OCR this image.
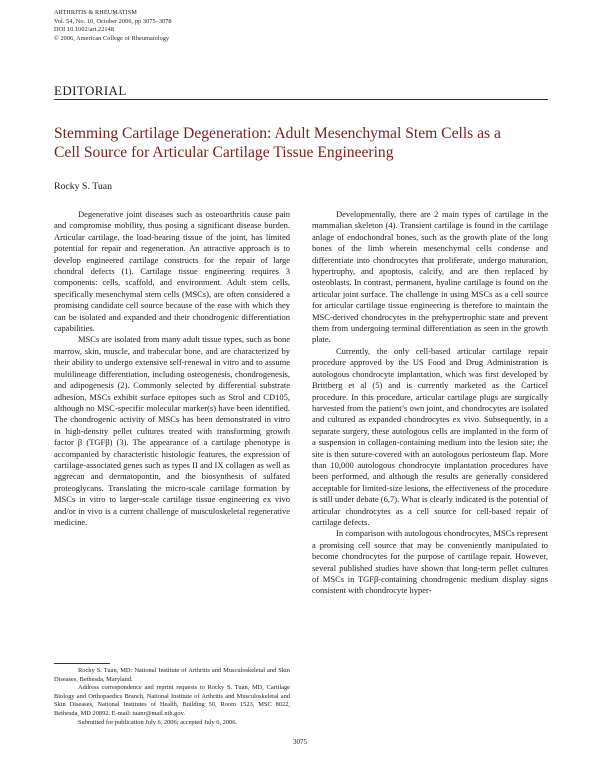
ARTHRITIS & RHEUMATISM
Vol. 54, No. 10, October 2006, pp 3075–3078
DOI 10.1002/art.22148
© 2006, American College of Rheumatology
EDITORIAL
Stemming Cartilage Degeneration: Adult Mesenchymal Stem Cells as a Cell Source for Articular Cartilage Tissue Engineering
Rocky S. Tuan

Degenerative joint diseases such as osteoarthritis cause pain and compromise mobility, thus posing a significant disease burden. Articular cartilage, the load-bearing tissue of the joint, has limited potential for repair and regeneration. An attractive approach is to develop engineered cartilage constructs for the repair of large chondral defects (1). Cartilage tissue engineering requires 3 components: cells, scaffold, and environment. Adult stem cells, specifically mesenchymal stem cells (MSCs), are often considered a promising candidate cell source because of the ease with which they can be isolated and expanded and their chondrogenic differentiation capabilities.

MSCs are isolated from many adult tissue types, such as bone marrow, skin, muscle, and trabecular bone, and are characterized by their ability to undergo extensive self-renewal in vitro and to assume multilineage differentiation, including osteogenesis, chondrogenesis, and adipogenesis (2). Commonly selected by differential substrate adhesion, MSCs exhibit surface epitopes such as Strol and CD105, although no MSC-specific molecular marker(s) have been identified. The chondrogenic activity of MSCs has been demonstrated in vitro in high-density pellet cultures treated with transforming growth factor β (TGFβ) (3). The appearance of a cartilage phenotype is accompanied by characteristic histologic features, the expression of cartilage-associated genes such as types II and IX collagen as well as aggrecan and dermatopontin, and the biosynthesis of sulfated proteoglycans. Translating the micro-scale cartilage formation by MSCs in vitro to larger-scale cartilage tissue engineering ex vivo and/or in vivo is a current challenge of musculoskeletal regenerative medicine.

Developmentally, there are 2 main types of cartilage in the mammalian skeleton (4). Transient cartilage is found in the cartilage anlage of endochondral bones, such as the growth plate of the long bones of the limb wherein mesenchymal cells condense and differentiate into chondrocytes that proliferate, undergo maturation, hypertrophy, and apoptosis, calcify, and are then replaced by osteoblasts. In contrast, permanent, hyaline cartilage is found on the articular joint surface. The challenge in using MSCs as a cell source for articular cartilage tissue engineering is therefore to maintain the MSC-derived chondrocytes in the prehypertrophic state and prevent them from undergoing terminal differentiation as seen in the growth plate.

Currently, the only cell-based articular cartilage repair procedure approved by the US Food and Drug Administration is autologous chondrocyte implantation, which was first developed by Brittberg et al (5) and is currently marketed as the Carticel procedure. In this procedure, articular cartilage plugs are surgically harvested from the patient’s own joint, and chondrocytes are isolated and cultured as expanded chondrocytes ex vivo. Subsequently, in a separate surgery, these autologous cells are implanted in the form of a suspension in collagen-containing medium into the lesion site; the site is then suture-covered with an autologous periosteum flap. More than 10,000 autologous chondrocyte implantation procedures have been performed, and although the results are generally considered acceptable for limited-size lesions, the effectiveness of the procedure is still under debate (6,7). What is clearly indicated is the potential of articular chondrocytes as a cell source for cell-based repair of cartilage defects.

In comparison with autologous chondrocytes, MSCs represent a promising cell source that may be conveniently manipulated to become chondrocytes for the purpose of cartilage repair. However, several published studies have shown that long-term pellet cultures of MSCs in TGFβ-containing chondrogenic medium display signs consistent with chondrocyte hyper-

Rocky S. Tuan, MD: National Institute of Arthritis and Musculoskeletal and Skin Diseases, Bethesda, Maryland.

Address correspondence and reprint requests to Rocky S. Tuan, MD, Cartilage Biology and Orthopaedics Branch, National Institute of Arthritis and Musculoskeletal and Skin Diseases, National Institutes of Health, Building 50, Room 1523, MSC 8022, Bethesda, MD 20892. E-mail: tuanr@mail.nih.gov.

Submitted for publication July 6, 2006; accepted July 6, 2006.

3075
